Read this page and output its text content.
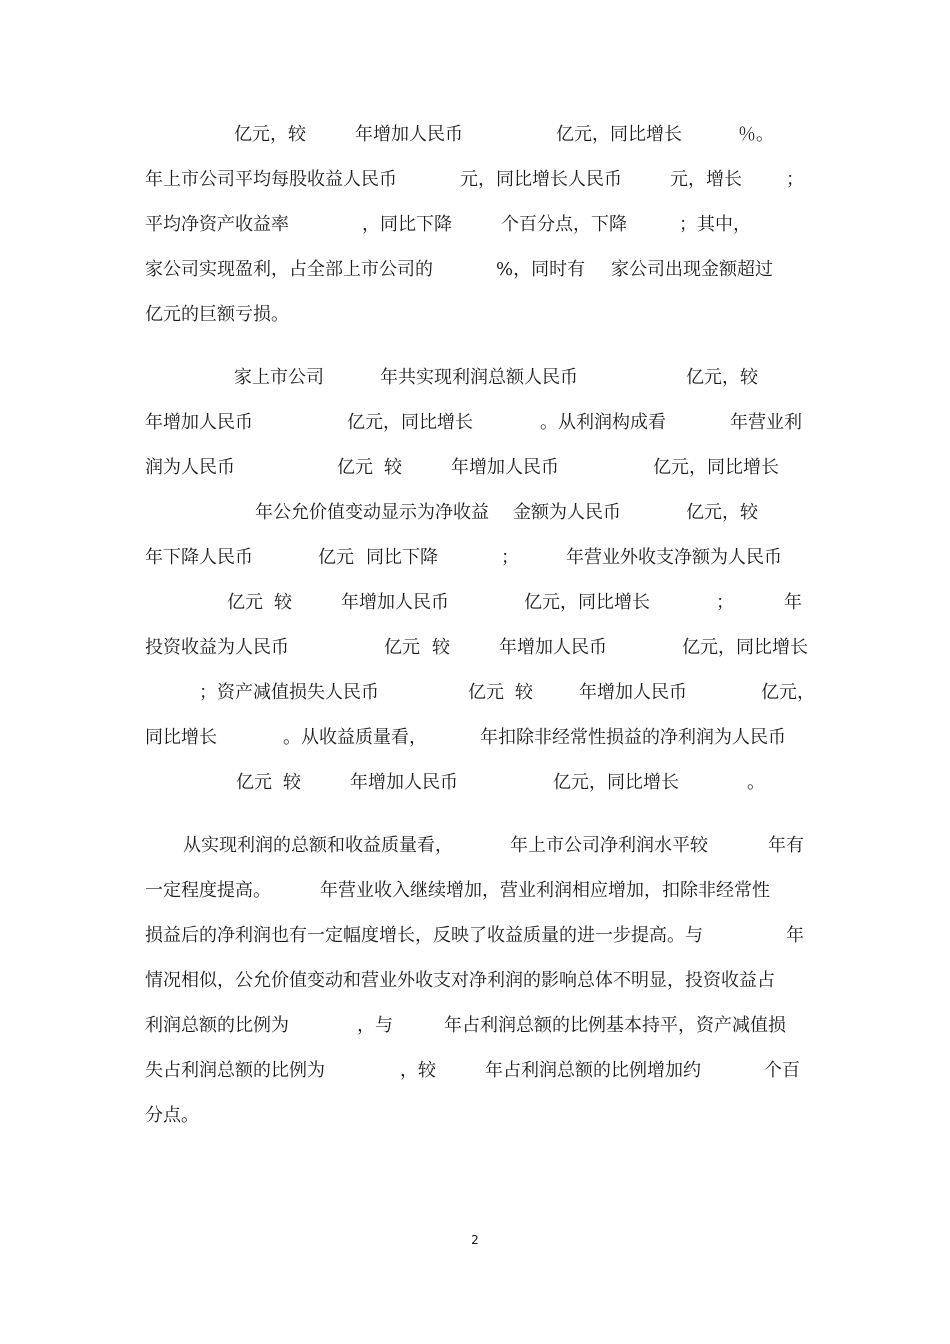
亿元，较	年增加人民币	亿元，同比增长	％。
年上市公司平均每股收益人民币	元，同比增长人民币	元，增长 ；
平均净资产收益率	，同比下降	个百分点，下降	；其中，
家公司实现盈利，占全部上市公司的	%，同时有 家公司出现金额超过
亿元的巨额亏损。
家上市公司	年共实现利润总额人民币	亿元，较
年增加人民币	亿元，同比增长	。从利润构成看	年营业利
润为人民币	亿元 较	年增加人民币	亿元，同比增长
年公允价值变动显示为净收益 金额为人民币	亿元，较
年下降人民币	亿元 同比下降	；	年营业外收支净额为人民币
亿元 较	年增加人民币	亿元，同比增长	；	年
投资收益为人民币	亿元 较	年增加人民币	亿元，同比增长
；资产减值损失人民币	亿元 较	年增加人民币	亿元，
同比增长	。从收益质量看，	年扣除非经常性损益的净利润为人民币
亿元 较	年增加人民币	亿元，同比增长	。
从实现利润的总额和收益质量看，	年上市公司净利润水平较	年有
一定程度提高。	年营业收入继续增加，营业利润相应增加，扣除非经常性
损益后的净利润也有一定幅度增长，反映了收益质量的进一步提高。与	年
情况相似，公允价值变动和营业外收支对净利润的影响总体不明显，投资收益占
利润总额的比例为	，与	年占利润总额的比例基本持平，资产减值损
失占利润总额的比例为	，较	年占利润总额的比例增加约	个百
分点。
2
